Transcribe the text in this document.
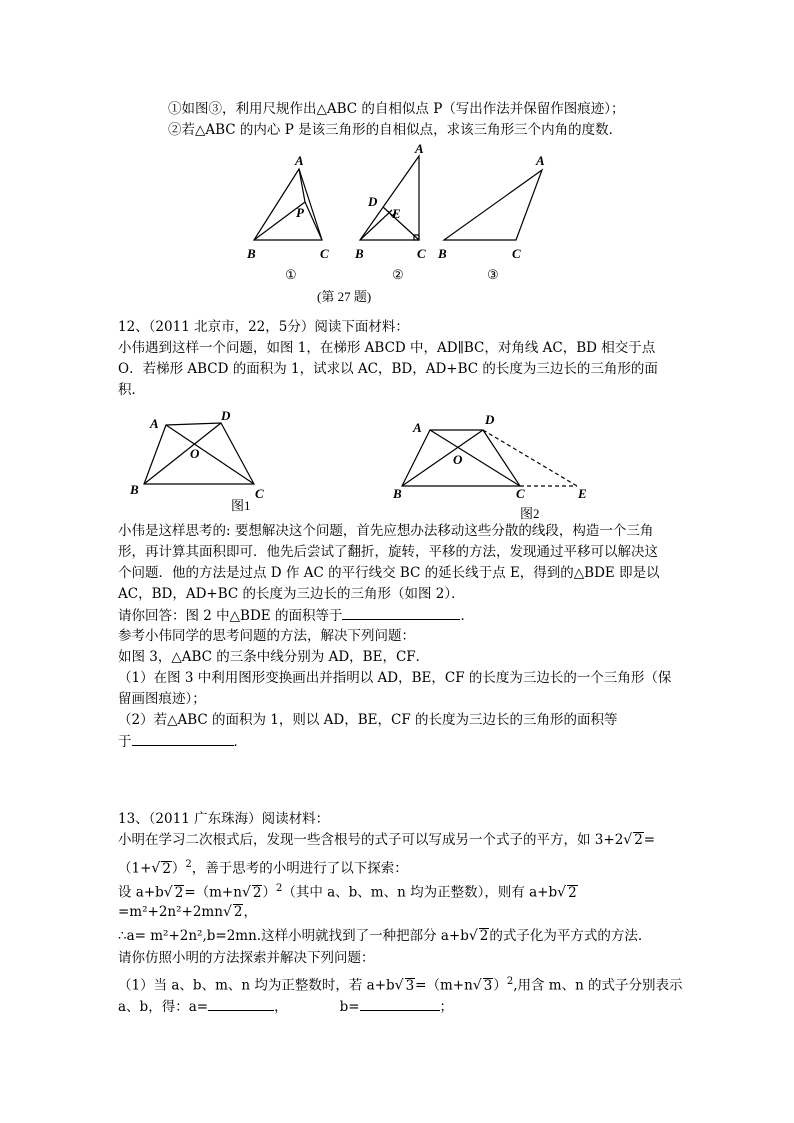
①如图③，利用尺规作出△ABC 的自相似点 P（写出作法并保留作图痕迹）；
②若△ABC 的内心 P 是该三角形的自相似点，求该三角形三个内角的度数．
A
P
B	C
①
A
D
E
B	C
②
A
B	C
③
(第 27 题)
12、（2011 北京市，22，5分）阅读下面材料：
小伟遇到这样一个问题，如图 1，在梯形 ABCD 中，AD∥BC，对角线 AC，BD 相交于点
O．若梯形 ABCD 的面积为 1，试求以 AC，BD，AD+BC 的长度为三边长的三角形的面
积．
A
D
O
B	C
A
D
O
B	C	E
图1
图2
小伟是这样思考的: 要想解决这个问题，首先应想办法移动这些分散的线段，构造一个三角
形，再计算其面积即可．他先后尝试了翻折，旋转，平移的方法，发现通过平移可以解决这
个问题．他的方法是过点 D 作 AC 的平行线交 BC 的延长线于点 E，得到的△BDE 即是以
AC，BD，AD+BC 的长度为三边长的三角形（如图 2）．
请你回答：图 2 中△BDE 的面积等于	．
参考小伟同学的思考问题的方法，解决下列问题：
如图 3，△ABC 的三条中线分别为 AD，BE，CF．
（1）在图 3 中利用图形变换画出并指明以 AD，BE，CF 的长度为三边长的一个三角形（保
留画图痕迹）；
（2）若△ABC 的面积为 1，则以 AD，BE，CF 的长度为三边长的三角形的面积等
于	．
13、（2011 广东珠海）阅读材料：
小明在学习二次根式后，发现一些含根号的式子可以写成另一个式子的平方，如 3+2√ 2=
（1+√ 2）$^2$，善于思考的小明进行了以下探索：
设 a+b√ 2=（m+n√ 2）$^2$（其中 a、b、m、n 均为正整数），则有 a+b√ 2
=m²+2n²+2mn√ 2，
∴a= m²+2n²,b=2mn.这样小明就找到了一种把部分 a+b√ 2的式子化为平方式的方法.
请你仿照小明的方法探索并解决下列问题：
（1）当 a、b、m、n 均为正整数时，若 a+b√ 3=（m+n√ 3）$^2$,用含 m、n 的式子分别表示
a、b，得：a=	，	b=	；
